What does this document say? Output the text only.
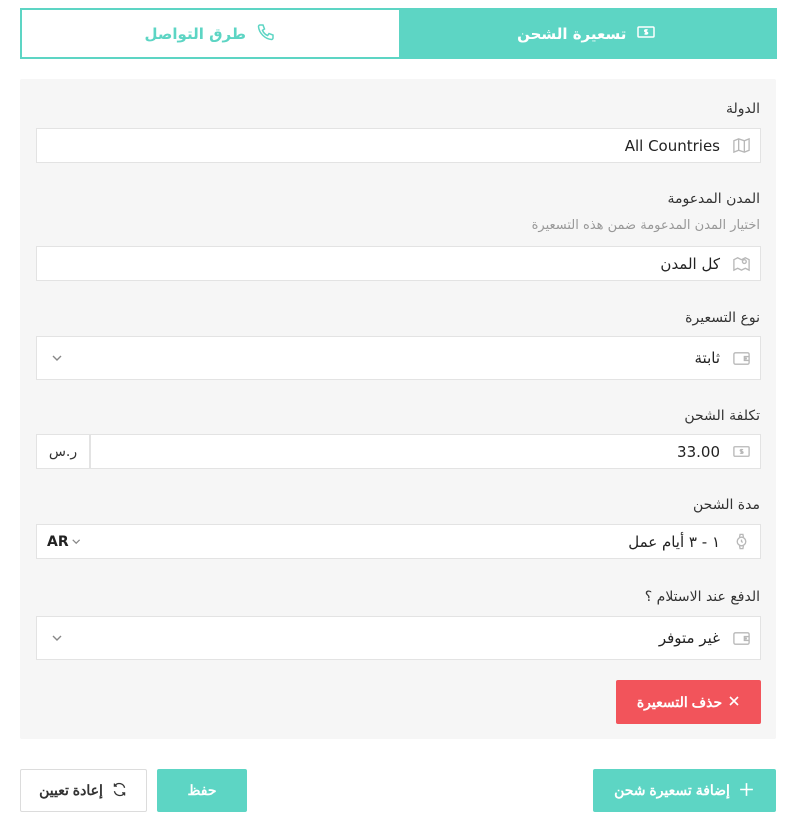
تسعيرة الشحن
طرق التواصل
الدولة
All Countries
المدن المدعومة
اختيار المدن المدعومة ضمن هذه التسعيرة
كل المدن
نوع التسعيرة
ثابتة
تكلفة الشحن
33.00
ر.س
مدة الشحن
١ - ٣ أيام عمل
AR
الدفع عند الاستلام ؟
غير متوفر
حذف التسعيرة
إضافة تسعيرة شحن
حفظ
إعادة تعيين
